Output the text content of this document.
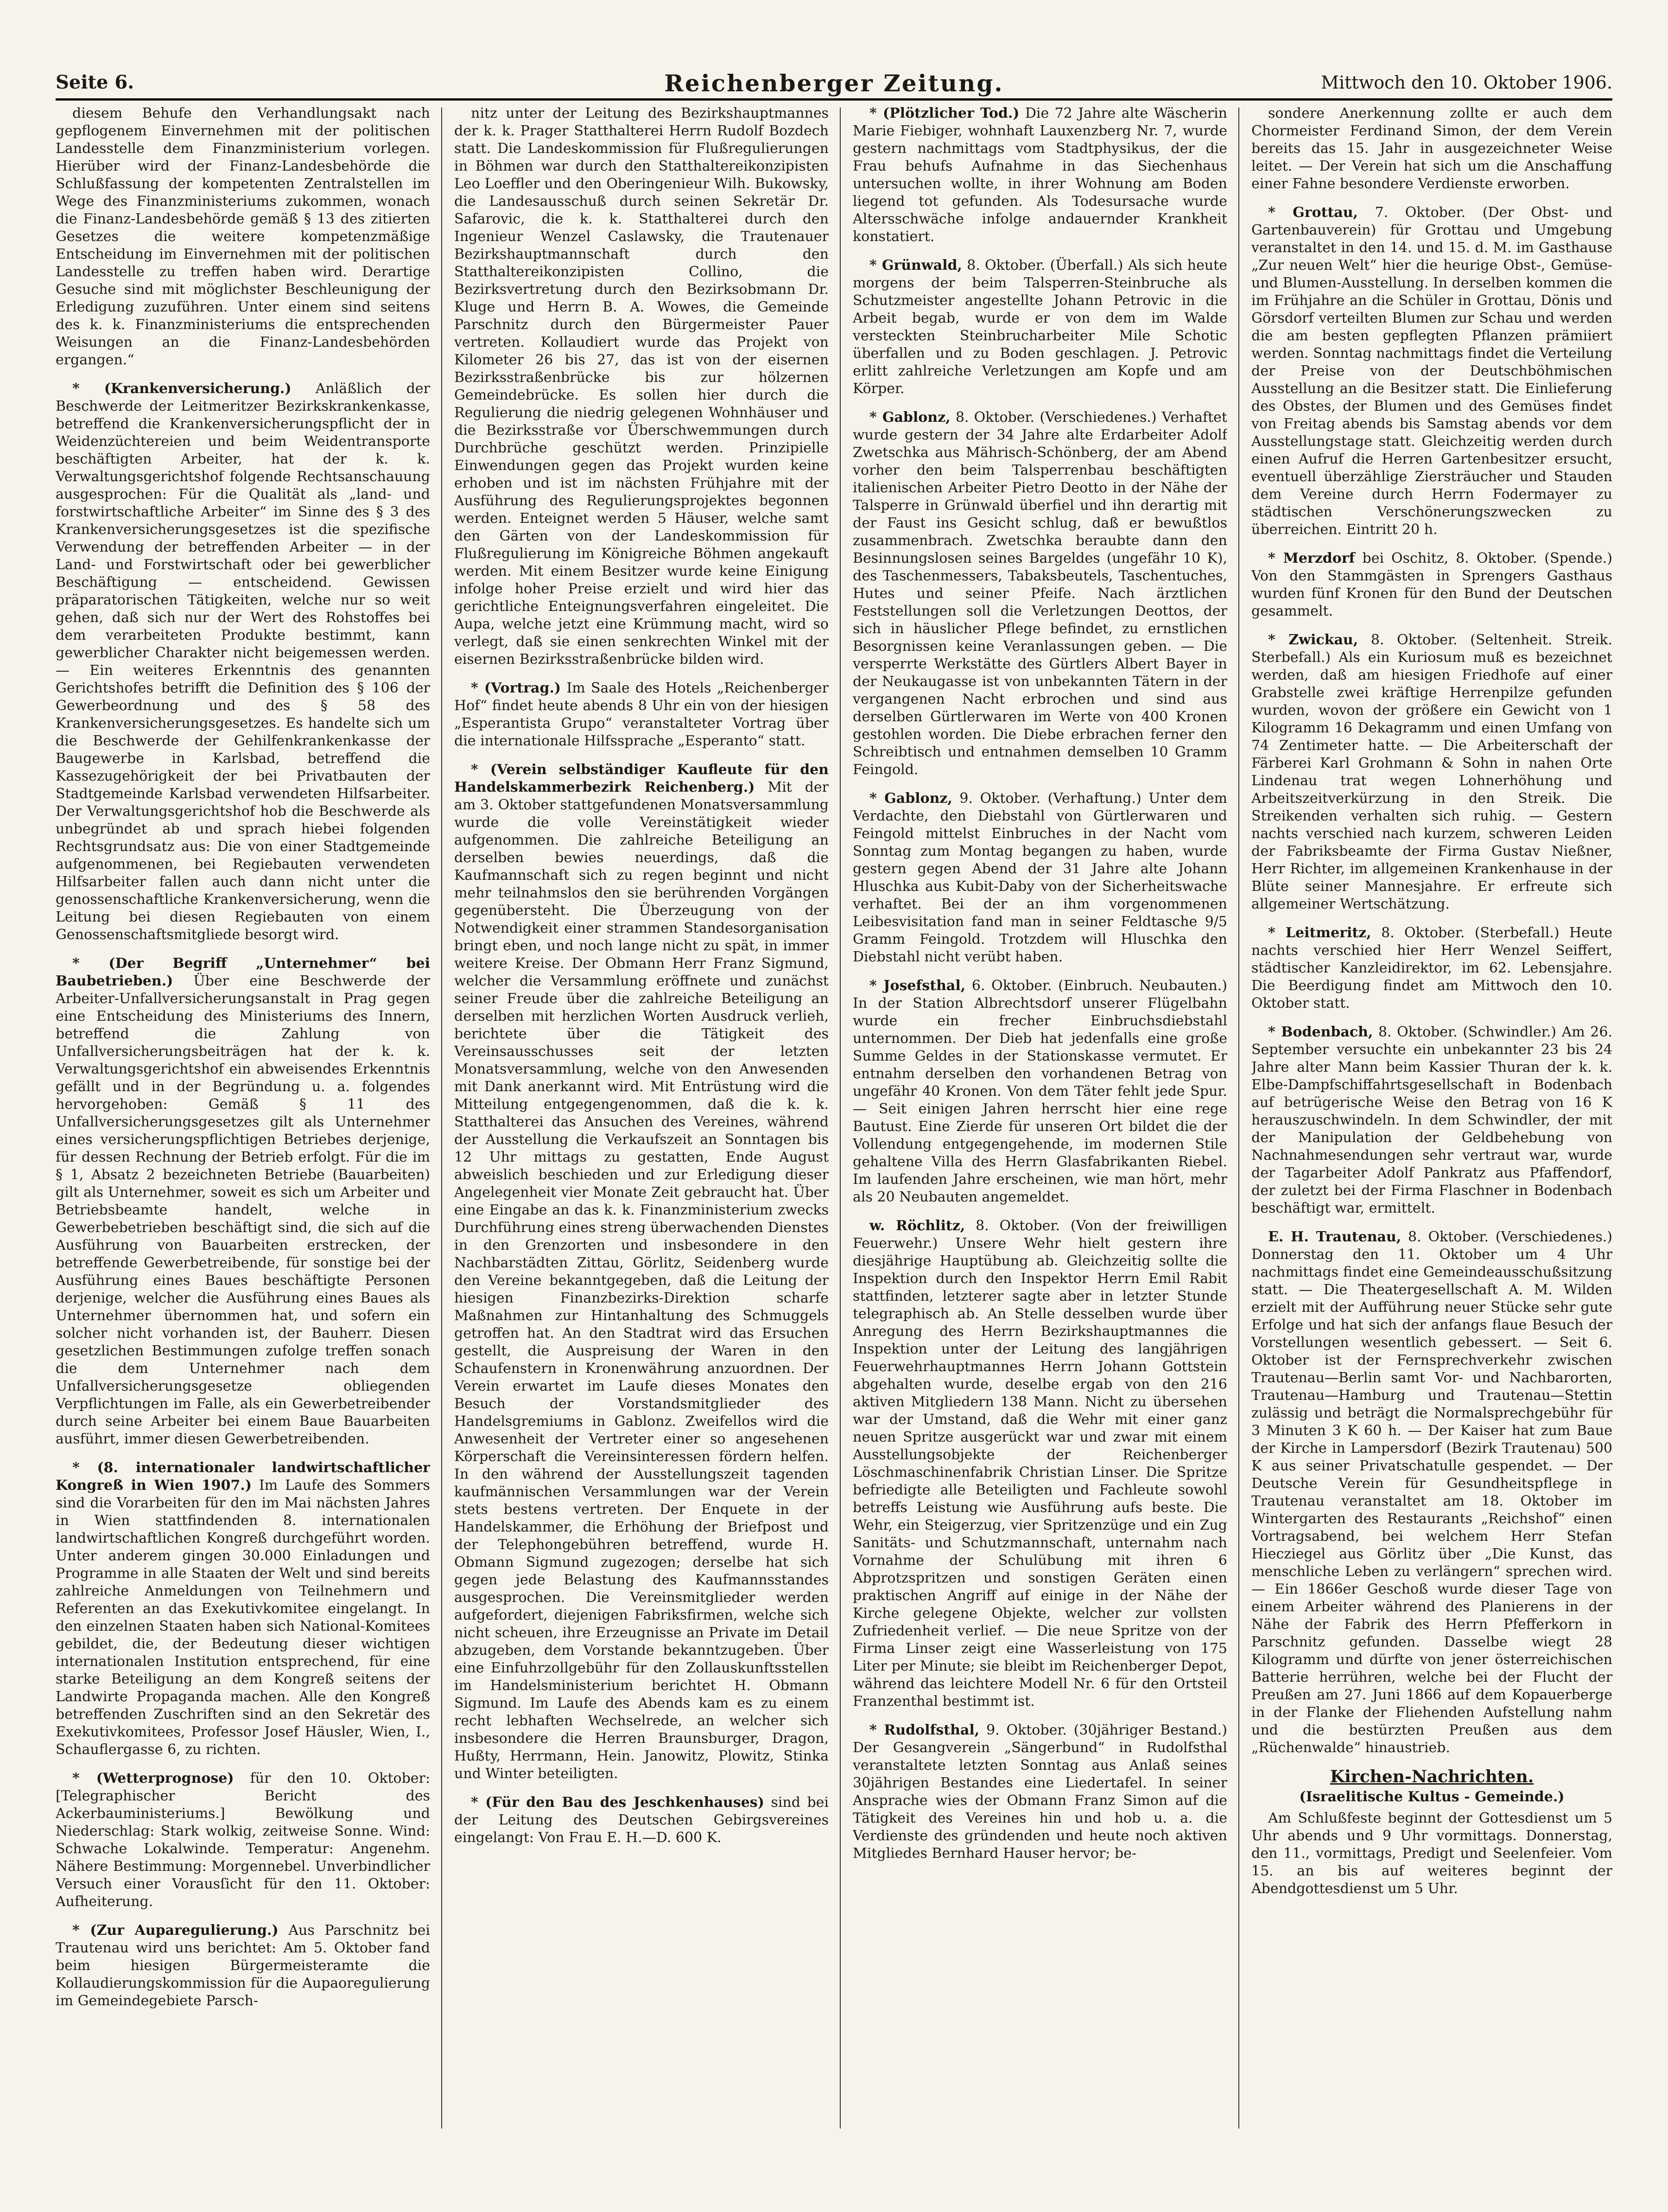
Seite 6.	Reichenberger Zeitung.	Mittwoch den 10. Oktober 1906.

diesem Behufe den Verhandlungsakt nach gepflogenem Einvernehmen mit der politischen Landesstelle dem Finanzministerium vorlegen. Hierüber wird der Finanz-Landesbehörde die Schlußfassung der kompetenten Zentralstellen im Wege des Finanzministeriums zukommen, wonach die Finanz-Landesbehörde gemäß § 13 des zitierten Gesetzes die weitere kompetenzmäßige Entscheidung im Einvernehmen mit der politischen Landesstelle zu treffen haben wird. Derartige Gesuche sind mit möglichster Beschleunigung der Erledigung zuzuführen. Unter einem sind seitens des k. k. Finanzministeriums die entsprechenden Weisungen an die Finanz-Landesbehörden ergangen.“

* (Krankenversicherung.) Anläßlich der Beschwerde der Leitmeritzer Bezirkskrankenkasse, betreffend die Krankenversicherungspflicht der in Weidenzüchtereien und beim Weidentransporte beschäftigten Arbeiter, hat der k. k. Verwaltungsgerichtshof folgende Rechtsanschauung ausgesprochen: Für die Qualität als „land- und forstwirtschaftliche Arbeiter“ im Sinne des § 3 des Krankenversicherungsgesetzes ist die spezifische Verwendung der betreffenden Arbeiter — in der Land- und Forstwirtschaft oder bei gewerblicher Beschäftigung — entscheidend. Gewissen präparatorischen Tätigkeiten, welche nur so weit gehen, daß sich nur der Wert des Rohstoffes bei dem verarbeiteten Produkte bestimmt, kann gewerblicher Charakter nicht beigemessen werden. — Ein weiteres Erkenntnis des genannten Gerichtshofes betrifft die Definition des § 106 der Gewerbeordnung und des § 58 des Krankenversicherungsgesetzes. Es handelte sich um die Beschwerde der Gehilfenkrankenkasse der Baugewerbe in Karlsbad, betreffend die Kassezugehörigkeit der bei Privatbauten der Stadtgemeinde Karlsbad verwendeten Hilfsarbeiter. Der Verwaltungsgerichtshof hob die Beschwerde als unbegründet ab und sprach hiebei folgenden Rechtsgrundsatz aus: Die von einer Stadtgemeinde aufgenommenen, bei Regiebauten verwendeten Hilfsarbeiter fallen auch dann nicht unter die genossenschaftliche Krankenversicherung, wenn die Leitung bei diesen Regiebauten von einem Genossenschaftsmitgliede besorgt wird.

* (Der Begriff „Unternehmer“ bei Baubetrieben.) Über eine Beschwerde der Arbeiter-Unfallversicherungsanstalt in Prag gegen eine Entscheidung des Ministeriums des Innern, betreffend die Zahlung von Unfallversicherungsbeiträgen hat der k. k. Verwaltungsgerichtshof ein abweisendes Erkenntnis gefällt und in der Begründung u. a. folgendes hervorgehoben: Gemäß § 11 des Unfallversicherungsgesetzes gilt als Unternehmer eines versicherungspflichtigen Betriebes derjenige, für dessen Rechnung der Betrieb erfolgt. Für die im § 1, Absatz 2 bezeichneten Betriebe (Bauarbeiten) gilt als Unternehmer, soweit es sich um Arbeiter und Betriebsbeamte handelt, welche in Gewerbebetrieben beschäftigt sind, die sich auf die Ausführung von Bauarbeiten erstrecken, der betreffende Gewerbetreibende, für sonstige bei der Ausführung eines Baues beschäftigte Personen derjenige, welcher die Ausführung eines Baues als Unternehmer übernommen hat, und sofern ein solcher nicht vorhanden ist, der Bauherr. Diesen gesetzlichen Bestimmungen zufolge treffen sonach die dem Unternehmer nach dem Unfallversicherungsgesetze obliegenden Verpflichtungen im Falle, als ein Gewerbetreibender durch seine Arbeiter bei einem Baue Bauarbeiten ausführt, immer diesen Gewerbetreibenden.

* (8. internationaler landwirtschaftlicher Kongreß in Wien 1907.) Im Laufe des Sommers sind die Vorarbeiten für den im Mai nächsten Jahres in Wien stattfindenden 8. internationalen landwirtschaftlichen Kongreß durchgeführt worden. Unter anderem gingen 30.000 Einladungen und Programme in alle Staaten der Welt und sind bereits zahlreiche Anmeldungen von Teilnehmern und Referenten an das Exekutivkomitee eingelangt. In den einzelnen Staaten haben sich National-Komitees gebildet, die, der Bedeutung dieser wichtigen internationalen Institution entsprechend, für eine starke Beteiligung an dem Kongreß seitens der Landwirte Propaganda machen. Alle den Kongreß betreffenden Zuschriften sind an den Sekretär des Exekutivkomitees, Professor Josef Häusler, Wien, I., Schauflergasse 6, zu richten.

* (Wetterprognose) für den 10. Oktober: [Telegraphischer Bericht des Ackerbauministeriums.] Bewölkung und Niederschlag: Stark wolkig, zeitweise Sonne. Wind: Schwache Lokalwinde. Temperatur: Angenehm. Nähere Bestimmung: Morgennebel. Unverbindlicher Versuch einer Vorausſicht für den 11. Oktober: Aufheiterung.

* (Zur Auparegulierung.) Aus Parschnitz bei Trautenau wird uns berichtet: Am 5. Oktober fand beim hiesigen Bürgermeisteramte die Kollaudierungskommission für die Aupaoregulierung im Gemeindegebiete Parsch-

nitz unter der Leitung des Bezirkshauptmannes der k. k. Prager Statthalterei Herrn Rudolf Bozdech statt. Die Landeskommission für Flußregulierungen in Böhmen war durch den Statthaltereikonzipisten Leo Loeffler und den Oberingenieur Wilh. Bukowsky, die Landesausschuß durch seinen Sekretär Dr. Safarovic, die k. k. Statthalterei durch den Ingenieur Wenzel Caslawsky, die Trautenauer Bezirkshauptmannschaft durch den Statthaltereikonzipisten Collino, die Bezirksvertretung durch den Bezirksobmann Dr. Kluge und Herrn B. A. Wowes, die Gemeinde Parschnitz durch den Bürgermeister Pauer vertreten. Kollaudiert wurde das Projekt von Kilometer 26 bis 27, das ist von der eisernen Bezirksstraßenbrücke bis zur hölzernen Gemeindebrücke. Es sollen hier durch die Regulierung die niedrig gelegenen Wohnhäuser und die Bezirksstraße vor Überschwemmungen durch Durchbrüche geschützt werden. Prinzipielle Einwendungen gegen das Projekt wurden keine erhoben und ist im nächsten Frühjahre mit der Ausführung des Regulierungsprojektes begonnen werden. Enteignet werden 5 Häuser, welche samt den Gärten von der Landeskommission für Flußregulierung im Königreiche Böhmen angekauft werden. Mit einem Besitzer wurde keine Einigung infolge hoher Preise erzielt und wird hier das gerichtliche Enteignungsverfahren eingeleitet. Die Aupa, welche jetzt eine Krümmung macht, wird so verlegt, daß sie einen senkrechten Winkel mit der eisernen Bezirksstraßenbrücke bilden wird.

* (Vortrag.) Im Saale des Hotels „Reichenberger Hof“ findet heute abends 8 Uhr ein von der hiesigen „Esperantista Grupo“ veranstalteter Vortrag über die internationale Hilfssprache „Esperanto“ statt.

* (Verein selbständiger Kaufleute für den Handelskammerbezirk Reichenberg.) Mit der am 3. Oktober stattgefundenen Monatsversammlung wurde die volle Vereinstätigkeit wieder aufgenommen. Die zahlreiche Beteiligung an derselben bewies neuerdings, daß die Kaufmannschaft sich zu regen beginnt und nicht mehr teilnahmslos den sie berührenden Vorgängen gegenübersteht. Die Überzeugung von der Notwendigkeit einer strammen Standesorganisation bringt eben, und noch lange nicht zu spät, in immer weitere Kreise. Der Obmann Herr Franz Sigmund, welcher die Versammlung eröffnete und zunächst seiner Freude über die zahlreiche Beteiligung an derselben mit herzlichen Worten Ausdruck verlieh, berichtete über die Tätigkeit des Vereinsausschusses seit der letzten Monatsversammlung, welche von den Anwesenden mit Dank anerkannt wird. Mit Entrüstung wird die Mitteilung entgegengenommen, daß die k. k. Statthalterei das Ansuchen des Vereines, während der Ausstellung die Verkaufszeit an Sonntagen bis 12 Uhr mittags zu gestatten, Ende August abweislich beschieden und zur Erledigung dieser Angelegenheit vier Monate Zeit gebraucht hat. Über eine Eingabe an das k. k. Finanzministerium zwecks Durchführung eines streng überwachenden Dienstes in den Grenzorten und insbesondere in den Nachbarstädten Zittau, Görlitz, Seidenberg wurde den Vereine bekanntgegeben, daß die Leitung der hiesigen Finanzbezirks-Direktion scharfe Maßnahmen zur Hintanhaltung des Schmuggels getroffen hat. An den Stadtrat wird das Ersuchen gestellt, die Auspreisung der Waren in den Schaufenstern in Kronenwährung anzuordnen. Der Verein erwartet im Laufe dieses Monates den Besuch der Vorstandsmitglieder des Handelsgremiums in Gablonz. Zweifellos wird die Anwesenheit der Vertreter einer so angesehenen Körperschaft die Vereinsinteressen fördern helfen. In den während der Ausstellungszeit tagenden kaufmännischen Versammlungen war der Verein stets bestens vertreten. Der Enquete in der Handelskammer, die Erhöhung der Briefpost und der Telephongebühren betreffend, wurde H. Obmann Sigmund zugezogen; derselbe hat sich gegen jede Belastung des Kaufmannsstandes ausgesprochen. Die Vereinsmitglieder werden aufgefordert, diejenigen Fabriksfirmen, welche sich nicht scheuen, ihre Erzeugnisse an Private im Detail abzugeben, dem Vorstande bekanntzugeben. Über eine Einfuhrzollgebühr für den Zollauskunftsstellen im Handelsministerium berichtet H. Obmann Sigmund. Im Laufe des Abends kam es zu einem recht lebhaften Wechselrede, an welcher sich insbesondere die Herren Braunsburger, Dragon, Hußty, Herrmann, Hein. Janowitz, Plowitz, Stinka und Winter beteiligten.

* (Für den Bau des Jeschkenhauses) sind bei der Leitung des Deutschen Gebirgsvereines eingelangt: Von Frau E. H.—D. 600 K.

* (Plötzlicher Tod.) Die 72 Jahre alte Wäscherin Marie Fiebiger, wohnhaft Lauxenzberg Nr. 7, wurde gestern nachmittags vom Stadtphysikus, der die Frau behufs Aufnahme in das Siechenhaus untersuchen wollte, in ihrer Wohnung am Boden liegend tot gefunden. Als Todesursache wurde Altersschwäche infolge andauernder Krankheit konstatiert.

* Grünwald, 8. Oktober. (Überfall.) Als sich heute morgens der beim Talsperren-Steinbruche als Schutzmeister angestellte Johann Petrovic in die Arbeit begab, wurde er von dem im Walde versteckten Steinbrucharbeiter Mile Schotic überfallen und zu Boden geschlagen. J. Petrovic erlitt zahlreiche Verletzungen am Kopfe und am Körper.

* Gablonz, 8. Oktober. (Verschiedenes.) Verhaftet wurde gestern der 34 Jahre alte Erdarbeiter Adolf Zwetschka aus Mährisch-Schönberg, der am Abend vorher den beim Talsperrenbau beschäftigten italienischen Arbeiter Pietro Deotto in der Nähe der Talsperre in Grünwald überfiel und ihn derartig mit der Faust ins Gesicht schlug, daß er bewußtlos zusammenbrach. Zwetschka beraubte dann den Besinnungslosen seines Bargeldes (ungefähr 10 K), des Taschenmessers, Tabaksbeutels, Taschentuches, Hutes und seiner Pfeife. Nach ärztlichen Feststellungen soll die Verletzungen Deottos, der sich in häuslicher Pflege befindet, zu ernstlichen Besorgnissen keine Veranlassungen geben. — Die versperrte Werkstätte des Gürtlers Albert Bayer in der Neukaugasse ist von unbekannten Tätern in der vergangenen Nacht erbrochen und sind aus derselben Gürtlerwaren im Werte von 400 Kronen gestohlen worden. Die Diebe erbrachen ferner den Schreibtisch und entnahmen demselben 10 Gramm Feingold.

* Gablonz, 9. Oktober. (Verhaftung.) Unter dem Verdachte, den Diebstahl von Gürtlerwaren und Feingold mittelst Einbruches in der Nacht vom Sonntag zum Montag begangen zu haben, wurde gestern gegen Abend der 31 Jahre alte Johann Hluschka aus Kubit-Daby von der Sicherheitswache verhaftet. Bei der an ihm vorgenommenen Leibesvisitation fand man in seiner Feldtasche 9/5 Gramm Feingold. Trotzdem will Hluschka den Diebstahl nicht verübt haben.

* Josefsthal, 6. Oktober. (Einbruch. Neubauten.) In der Station Albrechtsdorf unserer Flügelbahn wurde ein frecher Einbruchsdiebstahl unternommen. Der Dieb hat jedenfalls eine große Summe Geldes in der Stationskasse vermutet. Er entnahm derselben den vorhandenen Betrag von ungefähr 40 Kronen. Von dem Täter fehlt jede Spur. — Seit einigen Jahren herrscht hier eine rege Bautust. Eine Zierde für unseren Ort bildet die der Vollendung entgegengehende, im modernen Stile gehaltene Villa des Herrn Glasfabrikanten Riebel. Im laufenden Jahre erscheinen, wie man hört, mehr als 20 Neubauten angemeldet.

w. Röchlitz, 8. Oktober. (Von der freiwilligen Feuerwehr.) Unsere Wehr hielt gestern ihre diesjährige Hauptübung ab. Gleichzeitig sollte die Inspektion durch den Inspektor Herrn Emil Rabit stattfinden, letzterer sagte aber in letzter Stunde telegraphisch ab. An Stelle desselben wurde über Anregung des Herrn Bezirkshauptmannes die Inspektion unter der Leitung des langjährigen Feuerwehrhauptmannes Herrn Johann Gottstein abgehalten wurde, deselbe ergab von den 216 aktiven Mitgliedern 138 Mann. Nicht zu übersehen war der Umstand, daß die Wehr mit einer ganz neuen Spritze ausgerückt war und zwar mit einem Ausstellungsobjekte der Reichenberger Löschmaschinenfabrik Christian Linser. Die Spritze befriedigte alle Beteiligten und Fachleute sowohl betreffs Leistung wie Ausführung aufs beste. Die Wehr, ein Steigerzug, vier Spritzenzüge und ein Zug Sanitäts- und Schutzmannschaft, unternahm nach Vornahme der Schulübung mit ihren 6 Abprotzspritzen und sonstigen Geräten einen praktischen Angriff auf einige in der Nähe der Kirche gelegene Objekte, welcher zur vollsten Zufriedenheit verlief. — Die neue Spritze von der Firma Linser zeigt eine Wasserleistung von 175 Liter per Minute; sie bleibt im Reichenberger Depot, während das leichtere Modell Nr. 6 für den Ortsteil Franzenthal bestimmt ist.

* Rudolfsthal, 9. Oktober. (30jähriger Bestand.) Der Gesangverein „Sängerbund“ in Rudolfsthal veranstaltete letzten Sonntag aus Anlaß seines 30jährigen Bestandes eine Liedertafel. In seiner Ansprache wies der Obmann Franz Simon auf die Tätigkeit des Vereines hin und hob u. a. die Verdienste des gründenden und heute noch aktiven Mitgliedes Bernhard Hauser hervor; be-

sondere Anerkennung zollte er auch dem Chormeister Ferdinand Simon, der dem Verein bereits das 15. Jahr in ausgezeichneter Weise leitet. — Der Verein hat sich um die Anschaffung einer Fahne besondere Verdienste erworben.

* Grottau, 7. Oktober. (Der Obst- und Gartenbauverein) für Grottau und Umgebung veranstaltet in den 14. und 15. d. M. im Gasthause „Zur neuen Welt“ hier die heurige Obst-, Gemüse- und Blumen-Ausstellung. In derselben kommen die im Frühjahre an die Schüler in Grottau, Dönis und Görsdorf verteilten Blumen zur Schau und werden die am besten gepflegten Pflanzen prämiiert werden. Sonntag nachmittags findet die Verteilung der Preise von der Deutschböhmischen Ausstellung an die Besitzer statt. Die Einlieferung des Obstes, der Blumen und des Gemüses findet von Freitag abends bis Samstag abends vor dem Ausstellungstage statt. Gleichzeitig werden durch einen Aufruf die Herren Gartenbesitzer ersucht, eventuell überzählige Ziersträucher und Stauden dem Vereine durch Herrn Fodermayer zu städtischen Verschönerungszwecken zu überreichen. Eintritt 20 h.

* Merzdorf bei Oschitz, 8. Oktober. (Spende.) Von den Stammgästen in Sprengers Gasthaus wurden fünf Kronen für den Bund der Deutschen gesammelt.

* Zwickau, 8. Oktober. (Seltenheit. Streik. Sterbefall.) Als ein Kuriosum muß es bezeichnet werden, daß am hiesigen Friedhofe auf einer Grabstelle zwei kräftige Herrenpilze gefunden wurden, wovon der größere ein Gewicht von 1 Kilogramm 16 Dekagramm und einen Umfang von 74 Zentimeter hatte. — Die Arbeiterschaft der Färberei Karl Grohmann & Sohn in nahen Orte Lindenau trat wegen Lohnerhöhung und Arbeitszeitverkürzung in den Streik. Die Streikenden verhalten sich ruhig. — Gestern nachts verschied nach kurzem, schweren Leiden der Fabriksbeamte der Firma Gustav Nießner, Herr Richter, im allgemeinen Krankenhause in der Blüte seiner Mannesjahre. Er erfreute sich allgemeiner Wertschätzung.

* Leitmeritz, 8. Oktober. (Sterbefall.) Heute nachts verschied hier Herr Wenzel Seiffert, städtischer Kanzleidirektor, im 62. Lebensjahre. Die Beerdigung findet am Mittwoch den 10. Oktober statt.

* Bodenbach, 8. Oktober. (Schwindler.) Am 26. September versuchte ein unbekannter 23 bis 24 Jahre alter Mann beim Kassier Thuran der k. k. Elbe-Dampfschiffahrtsgesellschaft in Bodenbach auf betrügerische Weise den Betrag von 16 K herauszuschwindeln. In dem Schwindler, der mit der Manipulation der Geldbehebung von Nachnahmesendungen sehr vertraut war, wurde der Tagarbeiter Adolf Pankratz aus Pfaffendorf, der zuletzt bei der Firma Flaschner in Bodenbach beschäftigt war, ermittelt.

E. H. Trautenau, 8. Oktober. (Verschiedenes.) Donnerstag den 11. Oktober um 4 Uhr nachmittags findet eine Gemeindeausschußsitzung statt. — Die Theatergesellschaft A. M. Wilden erzielt mit der Aufführung neuer Stücke sehr gute Erfolge und hat sich der anfangs flaue Besuch der Vorstellungen wesentlich gebessert. — Seit 6. Oktober ist der Fernsprechverkehr zwischen Trautenau—Berlin samt Vor- und Nachbarorten, Trautenau—Hamburg und Trautenau—Stettin zulässig und beträgt die Normalsprechgebühr für 3 Minuten 3 K 60 h. — Der Kaiser hat zum Baue der Kirche in Lampersdorf (Bezirk Trautenau) 500 K aus seiner Privatschatulle gespendet. — Der Deutsche Verein für Gesundheitspflege in Trautenau veranstaltet am 18. Oktober im Wintergarten des Restaurants „Reichshof“ einen Vortragsabend, bei welchem Herr Stefan Hiecziegel aus Görlitz über „Die Kunst, das menschliche Leben zu verlängern“ sprechen wird. — Ein 1866er Geschoß wurde dieser Tage von einem Arbeiter während des Planierens in der Nähe der Fabrik des Herrn Pfefferkorn in Parschnitz gefunden. Dasselbe wiegt 28 Kilogramm und dürfte von jener österreichischen Batterie herrühren, welche bei der Flucht der Preußen am 27. Juni 1866 auf dem Kopauerberge in der Flanke der Fliehenden Aufstellung nahm und die bestürzten Preußen aus dem „Rüchenwalde“ hinaustrieb.

Kirchen-Nachrichten.
(Israelitische Kultus - Gemeinde.)

Am Schlußfeste beginnt der Gottesdienst um 5 Uhr abends und 9 Uhr vormittags. Donnerstag, den 11., vormittags, Predigt und Seelenfeier. Vom 15. an bis auf weiteres beginnt der Abendgottesdienst um 5 Uhr.
